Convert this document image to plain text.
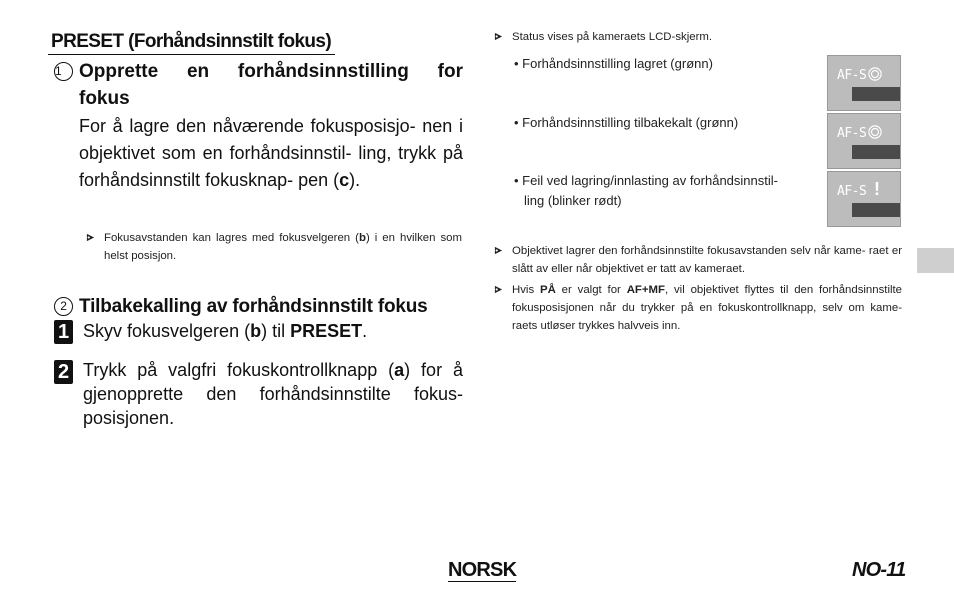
PRESET (Forhåndsinnstilt fokus)
1 Opprette en forhåndsinnstilling for
fokus
For å lagre den nåværende fokusposisjo- nen i objektivet som en forhåndsinnstil- ling, trykk på forhåndsinnstilt fokusknap- pen (c).
Fokusavstanden kan lagres med fokusvelgeren (b) i en hvilken som helst posisjon.
2 Tilbakekalling av forhåndsinnstilt fokus
1 Skyv fokusvelgeren (b) til PRESET.
2 Trykk på valgfri fokuskontrollknapp (a) for å gjenopprette den forhåndsinnstilte fokus- posisjonen.
Status vises på kameraets LCD-skjerm.
• Forhåndsinnstilling lagret (grønn)
AF-S
• Forhåndsinnstilling tilbakekalt (grønn)
AF-S
• Feil ved lagring/innlasting av forhåndsinnstil-
ling (blinker rødt)
AF-S !
Objektivet lagrer den forhåndsinnstilte fokusavstanden selv når kame- raet er slått av eller når objektivet er tatt av kameraet.
Hvis PÅ er valgt for AF+MF, vil objektivet flyttes til den forhåndsinnstilte fokusposisjonen når du trykker på en fokuskontrollknapp, selv om kame- raets utløser trykkes halvveis inn.
NORSK	NO-11
